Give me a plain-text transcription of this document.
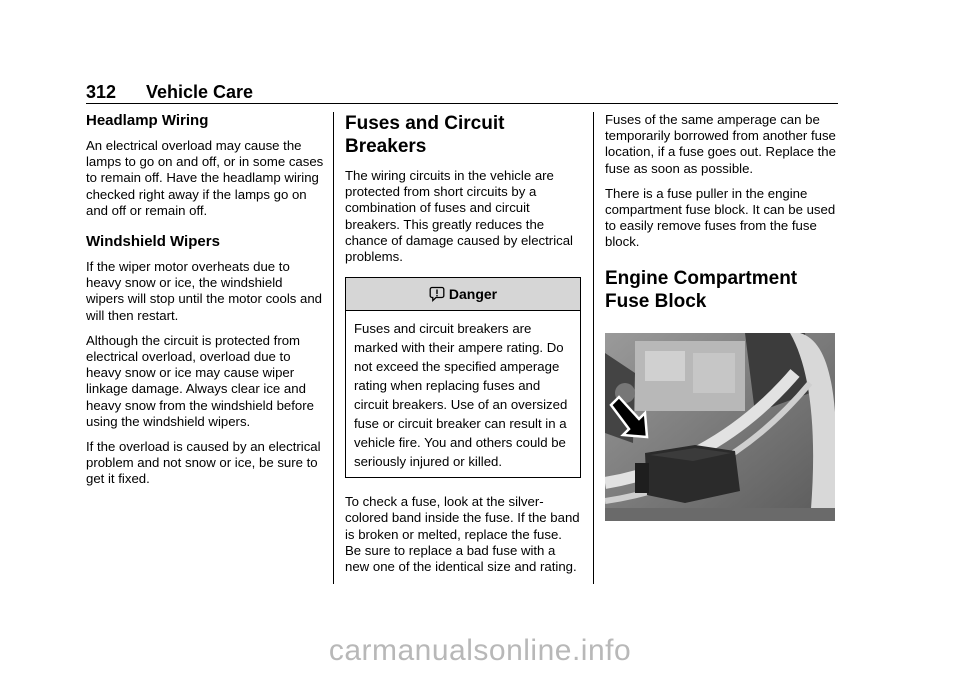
312 Vehicle Care
Headlamp Wiring

An electrical overload may cause the lamps to go on and off, or in some cases to remain off. Have the headlamp wiring checked right away if the lamps go on and off or remain off.

Windshield Wipers

If the wiper motor overheats due to heavy snow or ice, the windshield wipers will stop until the motor cools and will then restart.

Although the circuit is protected from electrical overload, overload due to heavy snow or ice may cause wiper linkage damage. Always clear ice and heavy snow from the windshield before using the windshield wipers.

If the overload is caused by an electrical problem and not snow or ice, be sure to get it fixed.

Fuses and Circuit Breakers

The wiring circuits in the vehicle are protected from short circuits by a combination of fuses and circuit breakers. This greatly reduces the chance of damage caused by electrical problems.

Danger
Fuses and circuit breakers are marked with their ampere rating. Do not exceed the specified amperage rating when replacing fuses and circuit breakers. Use of an oversized fuse or circuit breaker can result in a vehicle fire. You and others could be seriously injured or killed.

To check a fuse, look at the silver-colored band inside the fuse. If the band is broken or melted, replace the fuse. Be sure to replace a bad fuse with a new one of the identical size and rating.

Fuses of the same amperage can be temporarily borrowed from another fuse location, if a fuse goes out. Replace the fuse as soon as possible.

There is a fuse puller in the engine compartment fuse block. It can be used to easily remove fuses from the fuse block.

Engine Compartment Fuse Block
carmanualsonline.info
